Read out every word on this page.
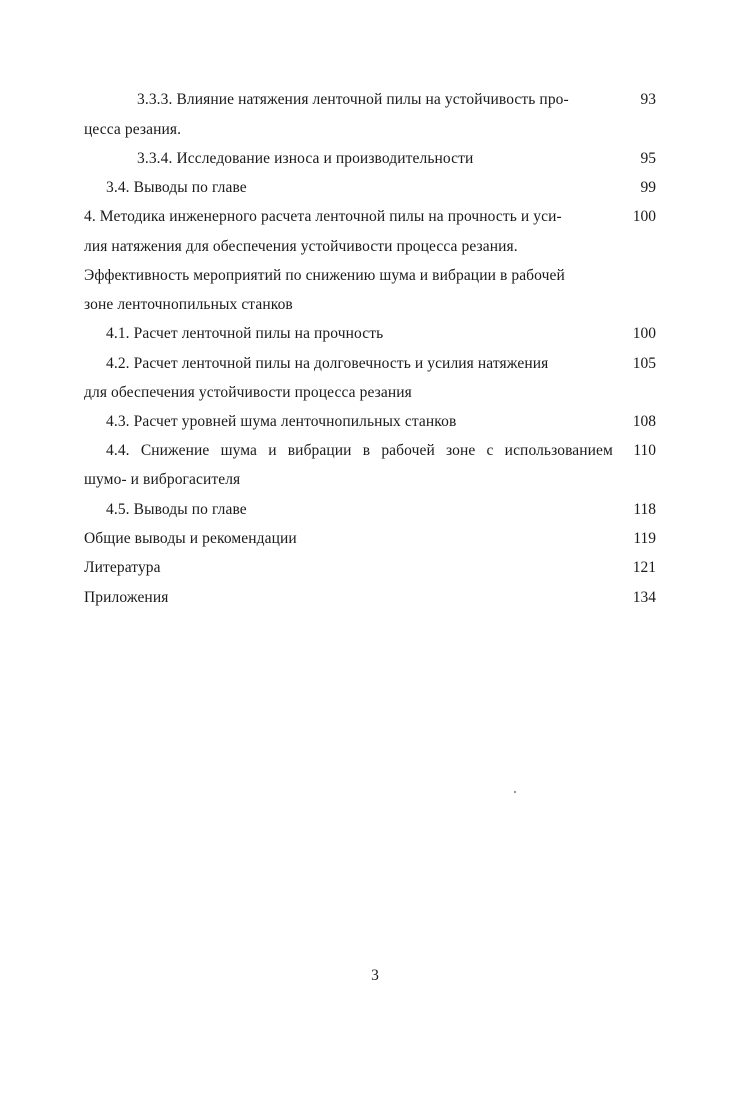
3.3.3. Влияние натяжения ленточной пилы на устойчивость про-	93
цесса резания.
3.3.4. Исследование износа и производительности	95
3.4. Выводы по главе	99
4. Методика инженерного расчета ленточной пилы на прочность и уси-	100
лия натяжения для обеспечения устойчивости процесса резания.
Эффективность мероприятий по снижению шума и вибрации в рабочей
зоне ленточнопильных станков
4.1. Расчет ленточной пилы на прочность	100
4.2. Расчет ленточной пилы на долговечность и усилия натяжения	105
для обеспечения устойчивости процесса резания
4.3. Расчет уровней шума ленточнопильных станков	108
4.4. Снижение шума и вибрации в рабочей зоне с использованием	110
шумо- и виброгасителя
4.5. Выводы по главе	118
Общие выводы и рекомендации	119
Литература	121
Приложения	134
3
